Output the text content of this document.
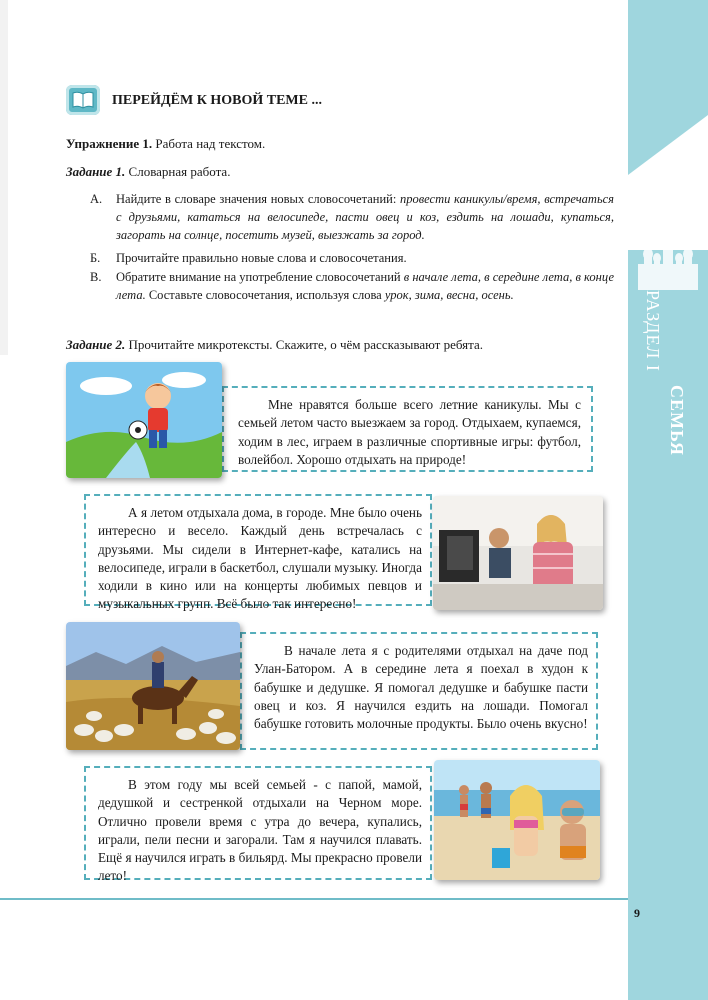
РАЗДЕЛ I
СЕМЬЯ
ПЕРЕЙДЁМ К НОВОЙ ТЕМЕ ...
Упражнение 1. Работа над текстом.
Задание 1. Словарная работа.
А. Найдите в словаре значения новых словосочетаний: провести каникулы/время, встречаться с друзьями, кататься на велосипеде, пасти овец и коз, ездить на лошади, купаться, загорать на солнце, посетить музей, выезжать за город.
Б. Прочитайте правильно новые слова и словосочетания.
В. Обратите внимание на употребление словосочетаний в начале лета, в середине лета, в конце лета. Составьте словосочетания, используя слова урок, зима, весна, осень.
Задание 2. Прочитайте микротексты. Скажите, о чём рассказывают ребята.

Мне нравятся больше всего летние каникулы. Мы с семьей летом часто выезжаем за город. Отдыхаем, купаемся, ходим в лес, играем в различные спортивные игры: футбол, волейбол. Хорошо отдыхать на природе!

А я летом отдыхала дома, в городе. Мне было очень интересно и весело. Каждый день встречалась с друзьями. Мы сидели в Интернет-кафе, катались на велосипеде, играли в баскетбол, слушали музыку. Иногда ходили в кино или на концерты любимых певцов и музыкальных групп. Всё было так интересно!

В начале лета я с родителями отдыхал на даче под Улан-Батором. А в середине лета я поехал в худон к бабушке и дедушке. Я помогал дедушке и бабушке пасти овец и коз. Я научился ездить на лошади. Помогал бабушке готовить молочные продукты. Было очень вкусно!

В этом году мы всей семьей - с папой, мамой, дедушкой и сестренкой отдыхали на Черном море. Отлично провели время с утра до вечера, купались, играли, пели песни и загорали. Там я научился плавать. Ещё я научился играть в бильярд. Мы прекрасно провели лето!

9
